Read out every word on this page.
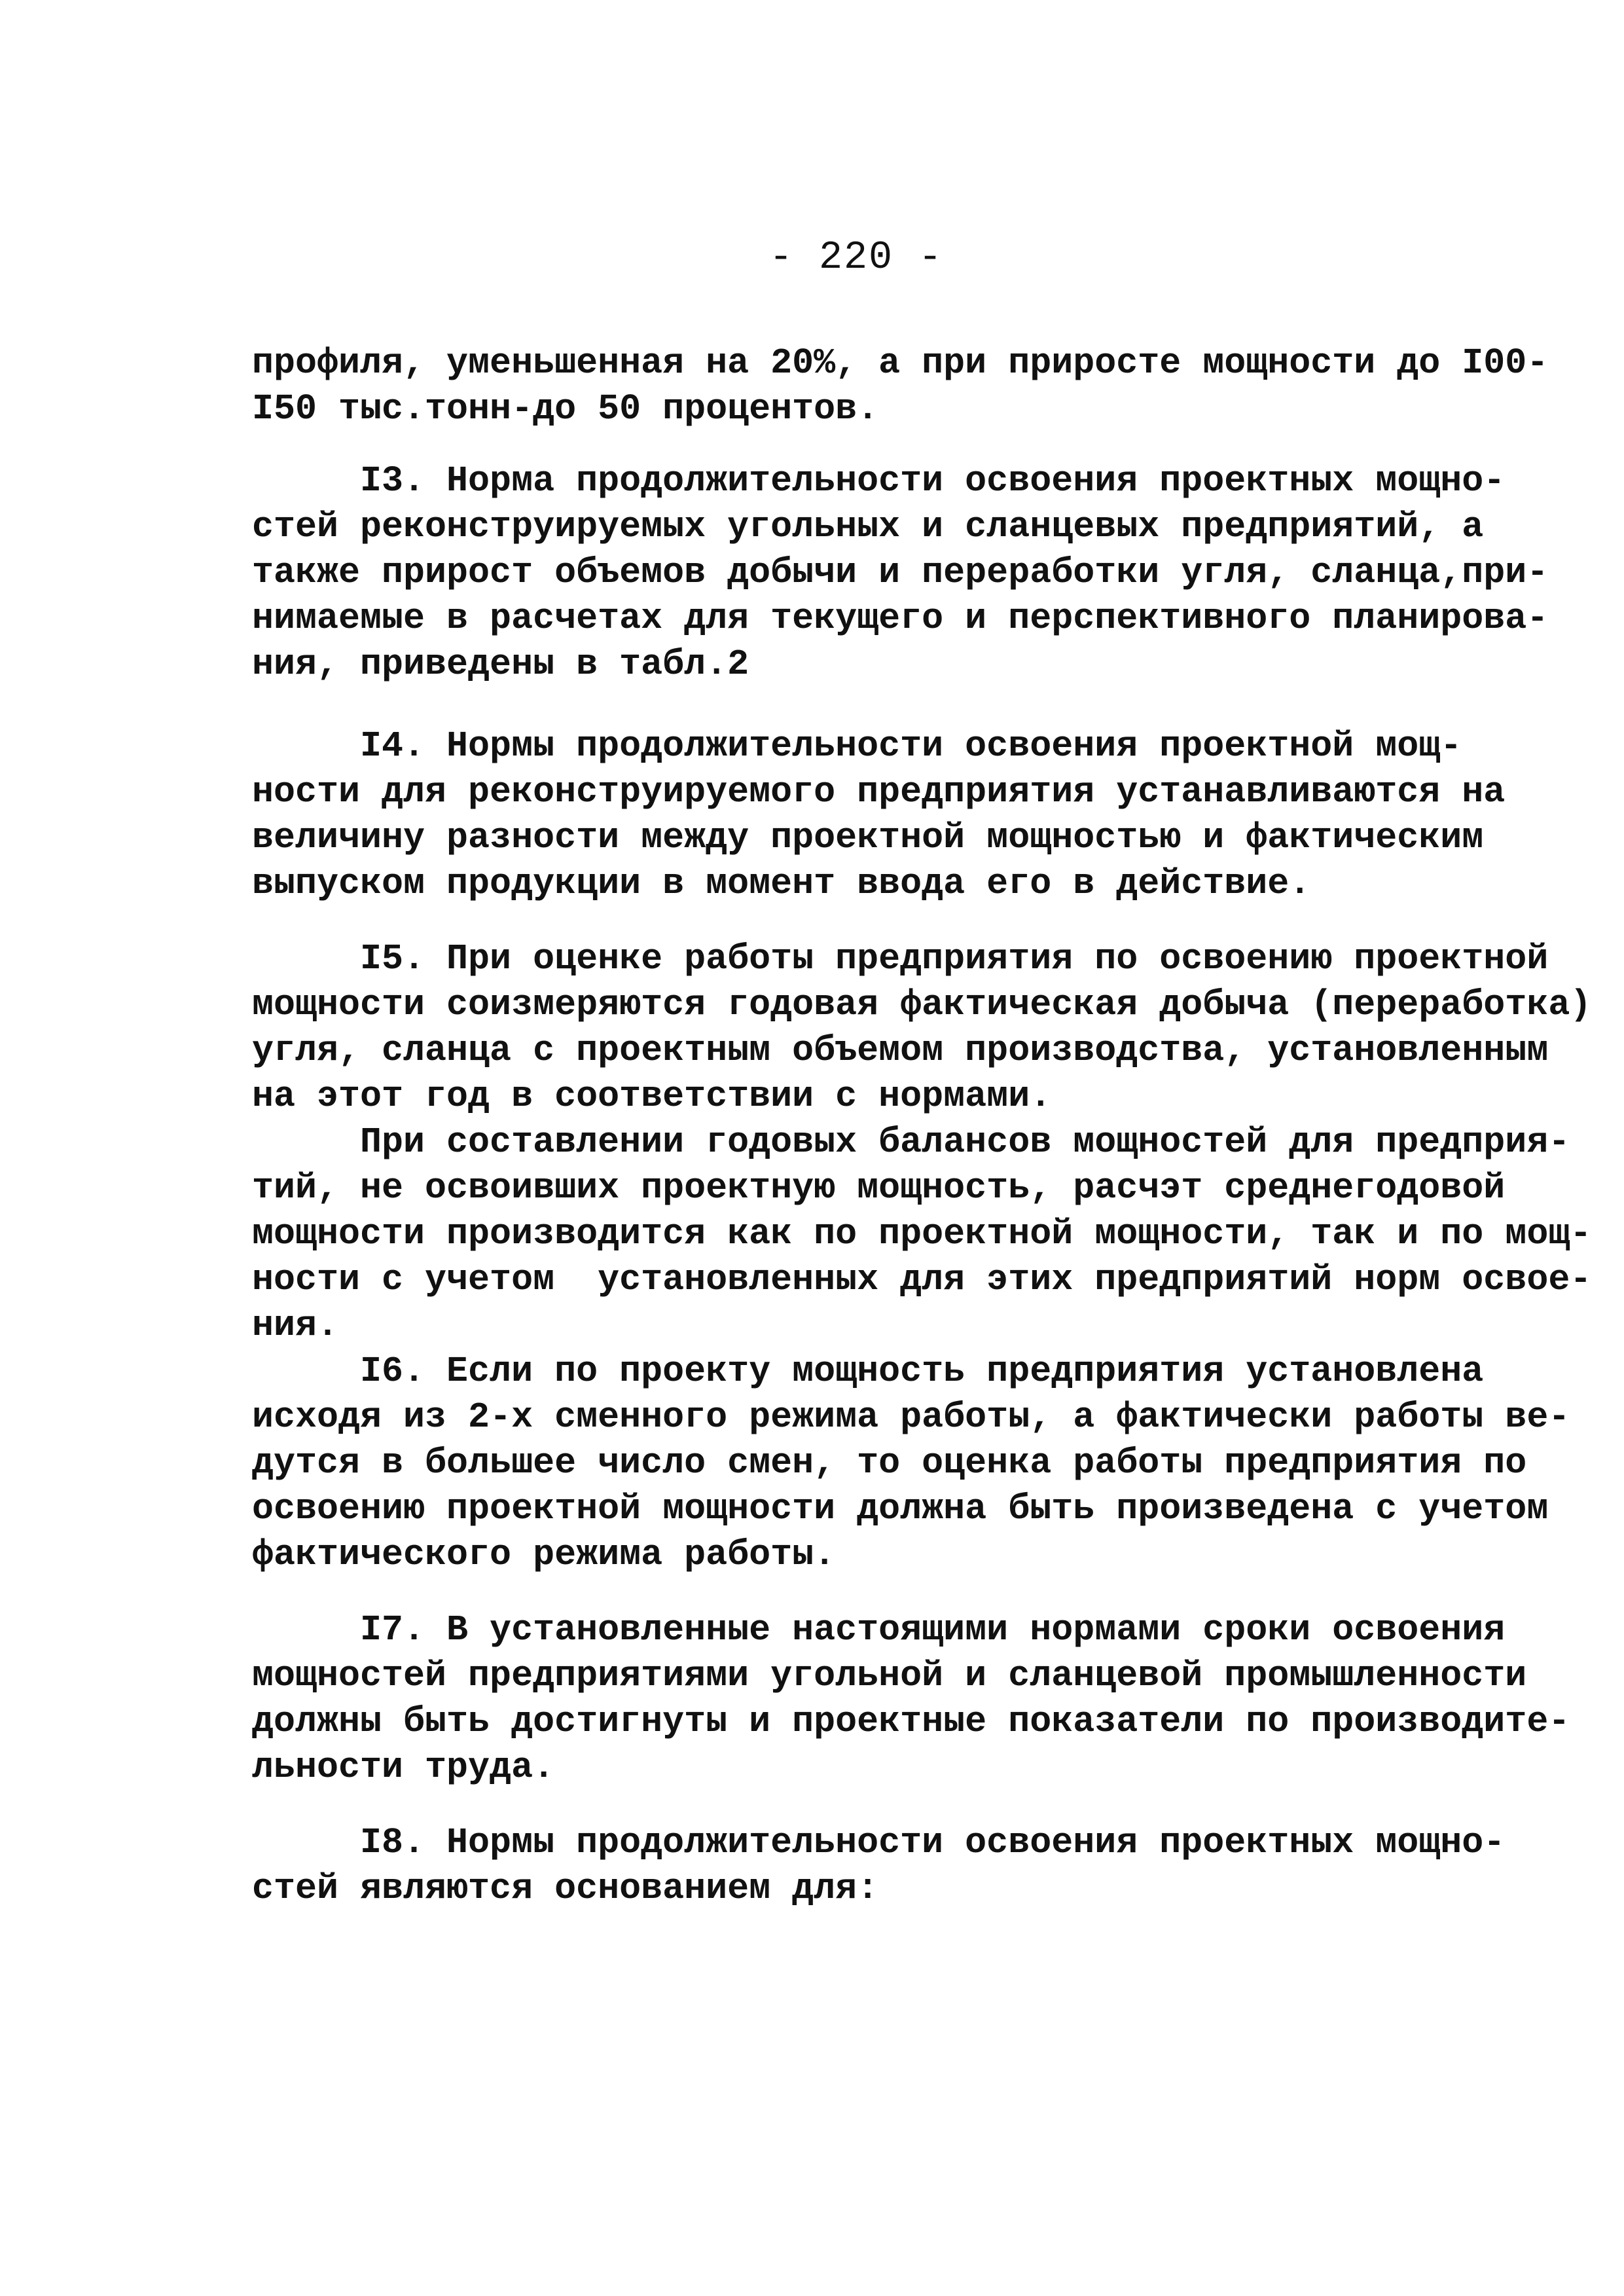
- 220 -
профиля, уменьшенная на 20%, а при приросте мощности до I00-
I50 тыс.тонн-до 50 процентов.
I3. Норма продолжительности освоения проектных мощно-
стей реконструируемых угольных и сланцевых предприятий, а
также прирост объемов добычи и переработки угля, сланца,при-
нимаемые в расчетах для текущего и перспективного планирова-
ния, приведены в табл.2
I4. Нормы продолжительности освоения проектной мощ-
ности для реконструируемого предприятия устанавливаются на
величину разности между проектной мощностью и фактическим
выпуском продукции в момент ввода его в действие.
I5. При оценке работы предприятия по освоению проектной
мощности соизмеряются годовая фактическая добыча (переработка)
угля, сланца с проектным объемом производства, установленным
на этот год в соответствии с нормами.
При составлении годовых балансов мощностей для предприя-
тий, не освоивших проектную мощность, расчэт среднегодовой
мощности производится как по проектной мощности, так и по мощ-
ности с учетом  установленных для этих предприятий норм освое-
ния.
I6. Если по проекту мощность предприятия установлена
исходя из 2-х сменного режима работы, а фактически работы ве-
дутся в большее число смен, то оценка работы предприятия по
освоению проектной мощности должна быть произведена с учетом
фактического режима работы.
I7. В установленные настоящими нормами сроки освоения
мощностей предприятиями угольной и сланцевой промышленности
должны быть достигнуты и проектные показатели по производите-
льности труда.
I8. Нормы продолжительности освоения проектных мощно-
стей являются основанием для:
